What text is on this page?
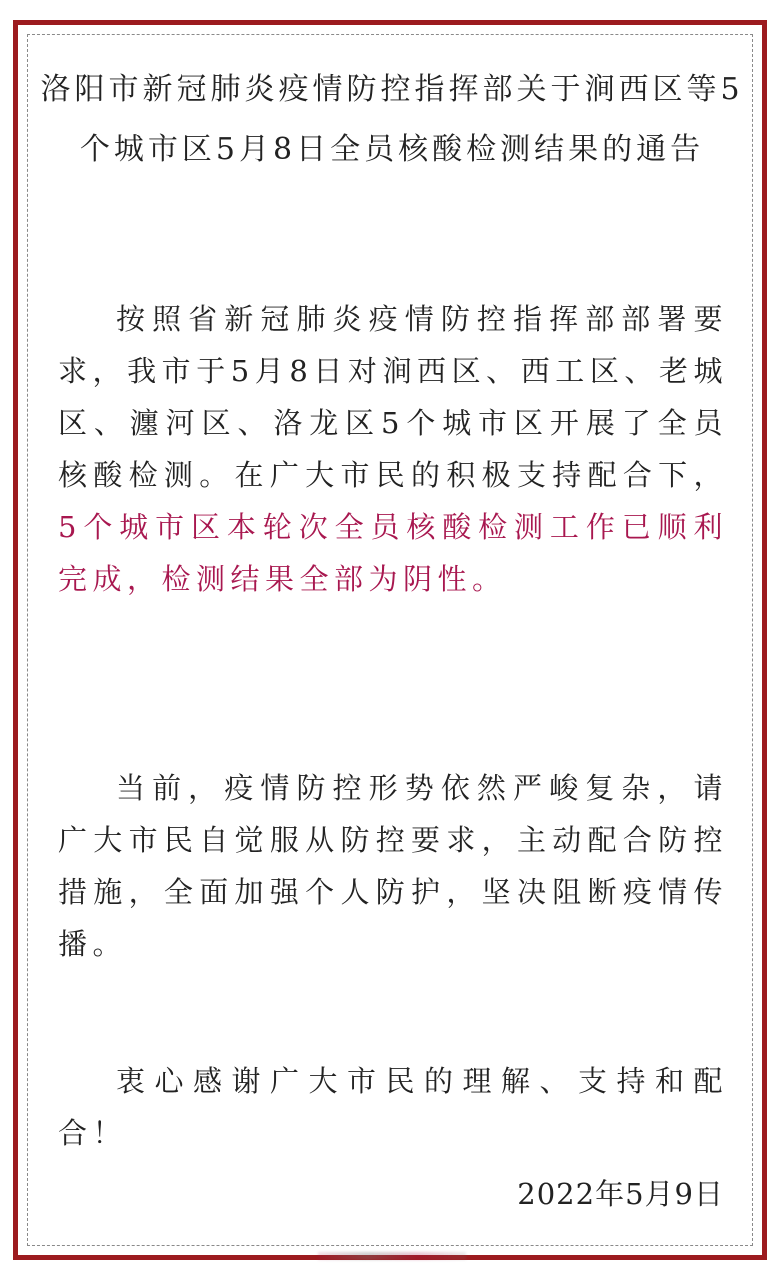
洛阳市新冠肺炎疫情防控指挥部关于涧西区等5个城市区5月8日全员核酸检测结果的通告

按照省新冠肺炎疫情防控指挥部部署要求，我市于5月8日对涧西区、西工区、老城区、瀍河区、洛龙区5个城市区开展了全员核酸检测。在广大市民的积极支持配合下，5个城市区本轮次全员核酸检测工作已顺利完成，检测结果全部为阴性。

当前，疫情防控形势依然严峻复杂，请广大市民自觉服从防控要求，主动配合防控措施，全面加强个人防护，坚决阻断疫情传播。

衷心感谢广大市民的理解、支持和配合！

2022年5月9日
